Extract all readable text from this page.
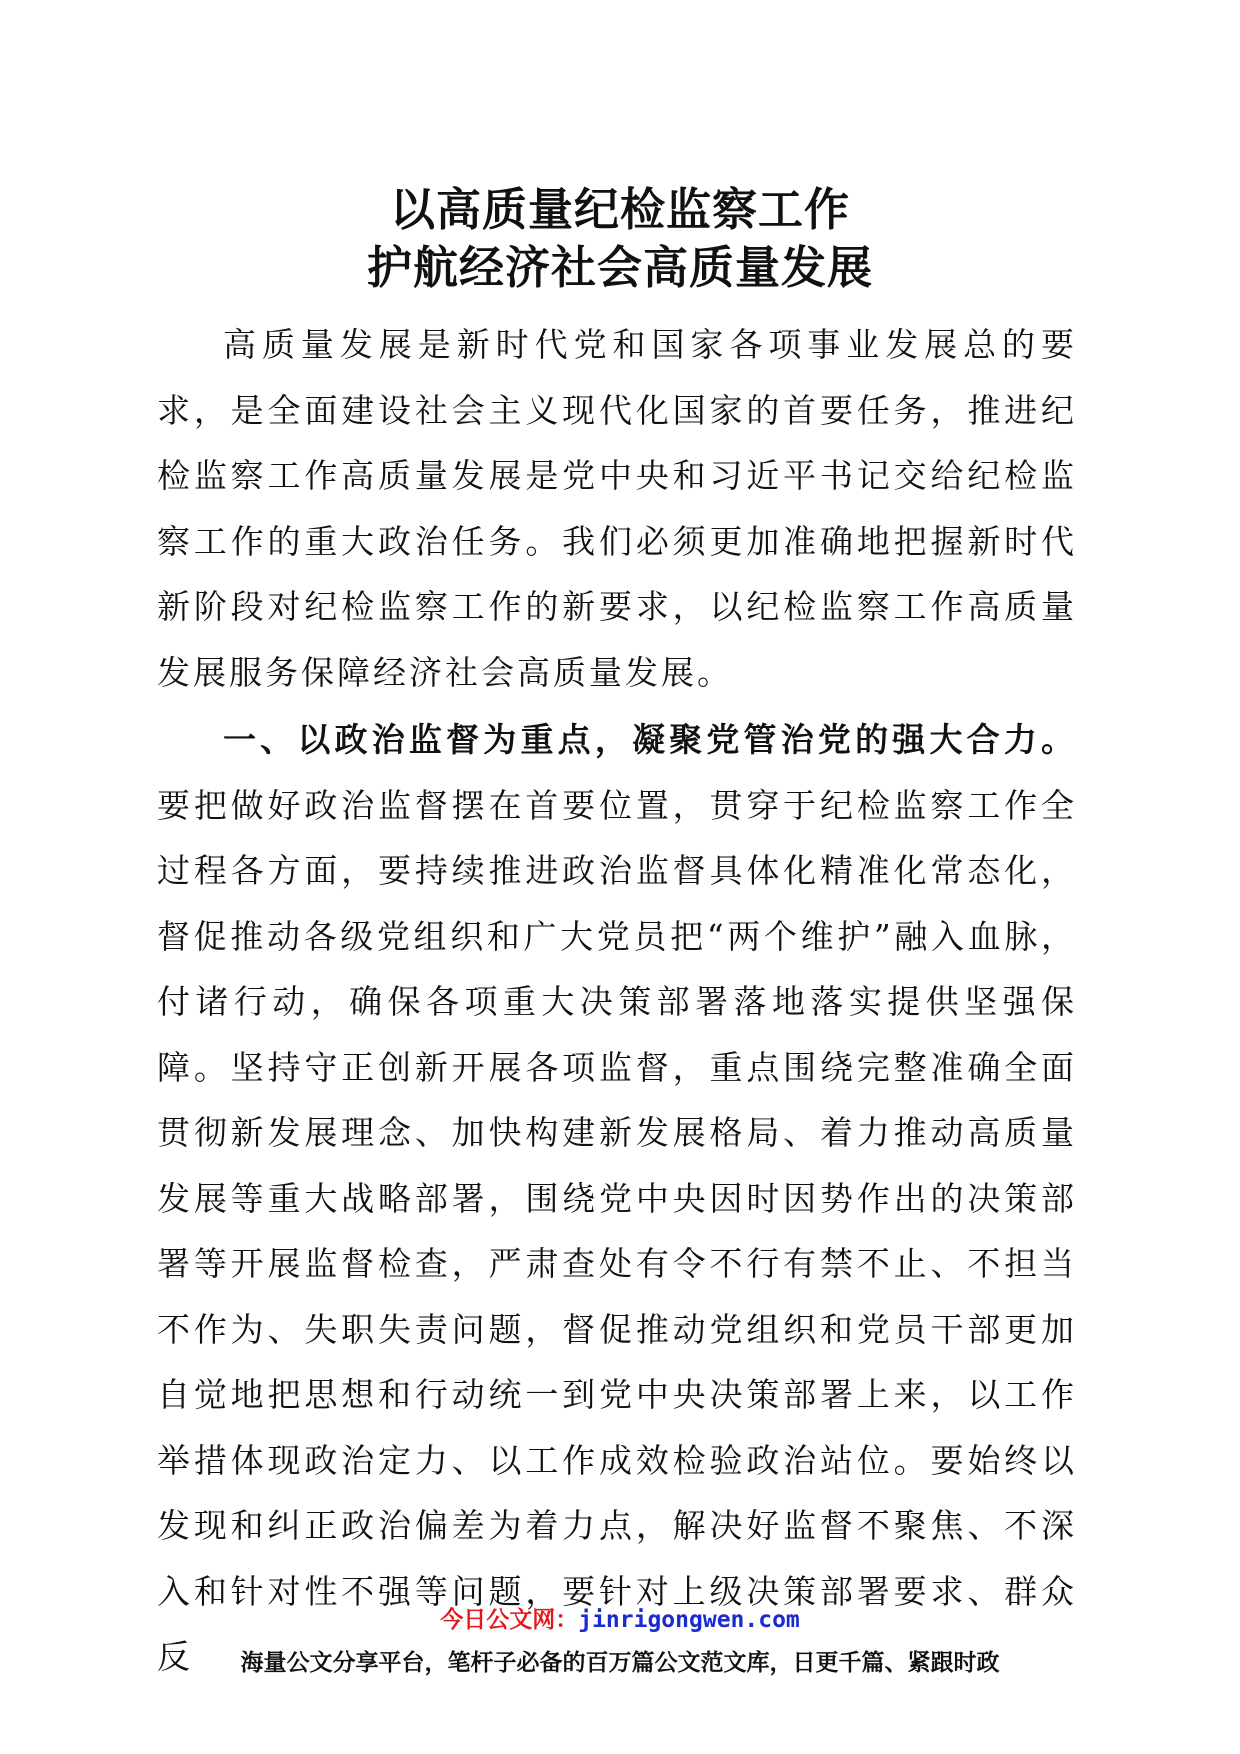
以高质量纪检监察工作
护航经济社会高质量发展

高质量发展是新时代党和国家各项事业发展总的要求，是全面建设社会主义现代化国家的首要任务，推进纪检监察工作高质量发展是党中央和习近平书记交给纪检监察工作的重大政治任务。我们必须更加准确地把握新时代新阶段对纪检监察工作的新要求，以纪检监察工作高质量发展服务保障经济社会高质量发展。

一、以政治监督为重点，凝聚党管治党的强大合力。要把做好政治监督摆在首要位置，贯穿于纪检监察工作全过程各方面，要持续推进政治监督具体化精准化常态化，督促推动各级党组织和广大党员把“两个维护”融入血脉，付诸行动，确保各项重大决策部署落地落实提供坚强保障。坚持守正创新开展各项监督，重点围绕完整准确全面贯彻新发展理念、加快构建新发展格局、着力推动高质量发展等重大战略部署，围绕党中央因时因势作出的决策部署等开展监督检查，严肃查处有令不行有禁不止、不担当不作为、失职失责问题，督促推动党组织和党员干部更加自觉地把思想和行动统一到党中央决策部署上来，以工作举措体现政治定力、以工作成效检验政治站位。要始终以发现和纠正政治偏差为着力点，解决好监督不聚焦、不深入和针对性不强等问题，要针对上级决策部署要求、群众反

今日公文网：jinrigongwen.com
海量公文分享平台，笔杆子必备的百万篇公文范文库，日更千篇、紧跟时政
